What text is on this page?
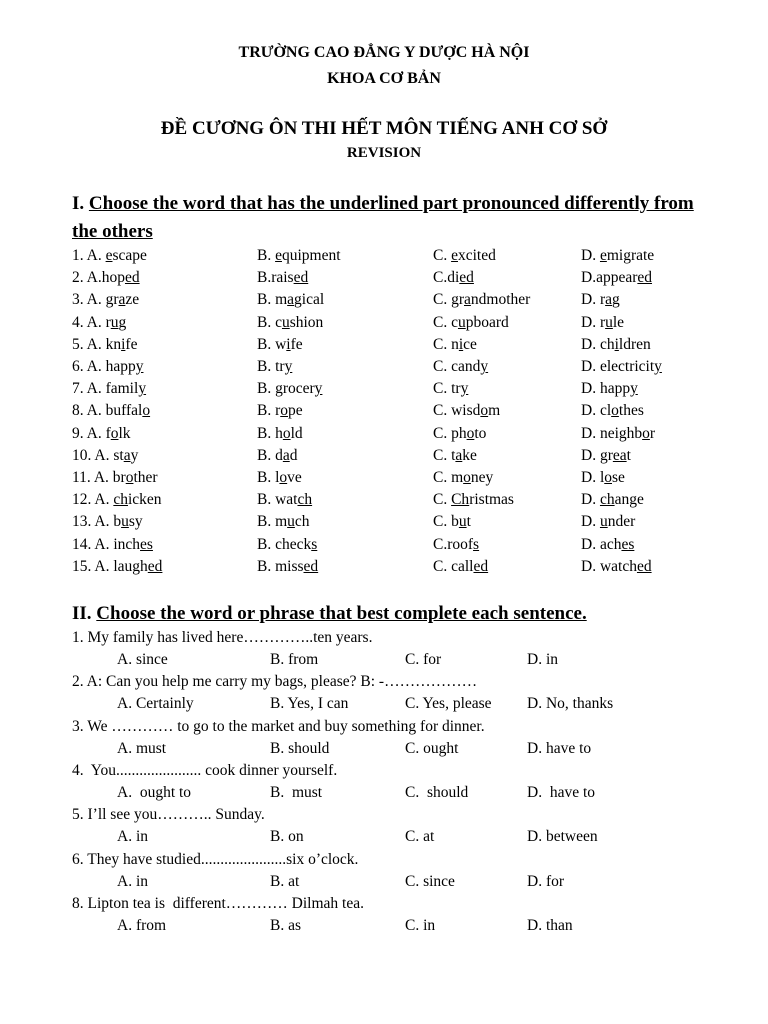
TRƯỜNG CAO ĐẲNG Y DƯỢC HÀ NỘI
KHOA CƠ BẢN
ĐỀ CƯƠNG ÔN THI HẾT MÔN TIẾNG ANH CƠ SỞ
REVISION
I. Choose the word that has the underlined part pronounced differently from the others
1. A. escape	B. equipment	C. excited	D. emigrate
2. A.hoped	B.raised	C.died	D.appeared
3. A. graze	B. magical	C. grandmother	D. rag
4. A. rug	B. cushion	C. cupboard	D. rule
5. A. knife	B. wife	C. nice	D. children
6. A. happy	B. try	C. candy	D. electricity
7. A. family	B. grocery	C. try	D. happy
8. A. buffalo	B. rope	C. wisdom	D. clothes
9. A. folk	B. hold	C. photo	D. neighbor
10. A. stay	B. dad	C. take	D. great
11. A. brother	B. love	C. money	D. lose
12. A. chicken	B. watch	C. Christmas	D. change
13. A. busy	B. much	C. but	D. under
14. A. inches	B. checks	C.roofs	D. aches
15. A. laughed	B. missed	C. called	D. watched
II. Choose the word or phrase that best complete each sentence.
1. My family has lived here…………..ten years.
A. since	B. from	C. for	D. in
2. A: Can you help me carry my bags, please? B: -………………
A. Certainly	B. Yes, I can	C. Yes, please D. No, thanks
3. We ………… to go to the market and buy something for dinner.
A. must	B. should	C. ought	D. have to
4.  You...................... cook dinner yourself.
A.  ought to	B.  must	C.  should	D.  have to
5. I’ll see you……….. Sunday.
A. in	B. on	C. at	D. between
6. They have studied......................six o’clock.
A. in	B. at	C. since	D. for
8. Lipton tea is  different………… Dilmah tea.
A. from	B. as	C. in	D. than
